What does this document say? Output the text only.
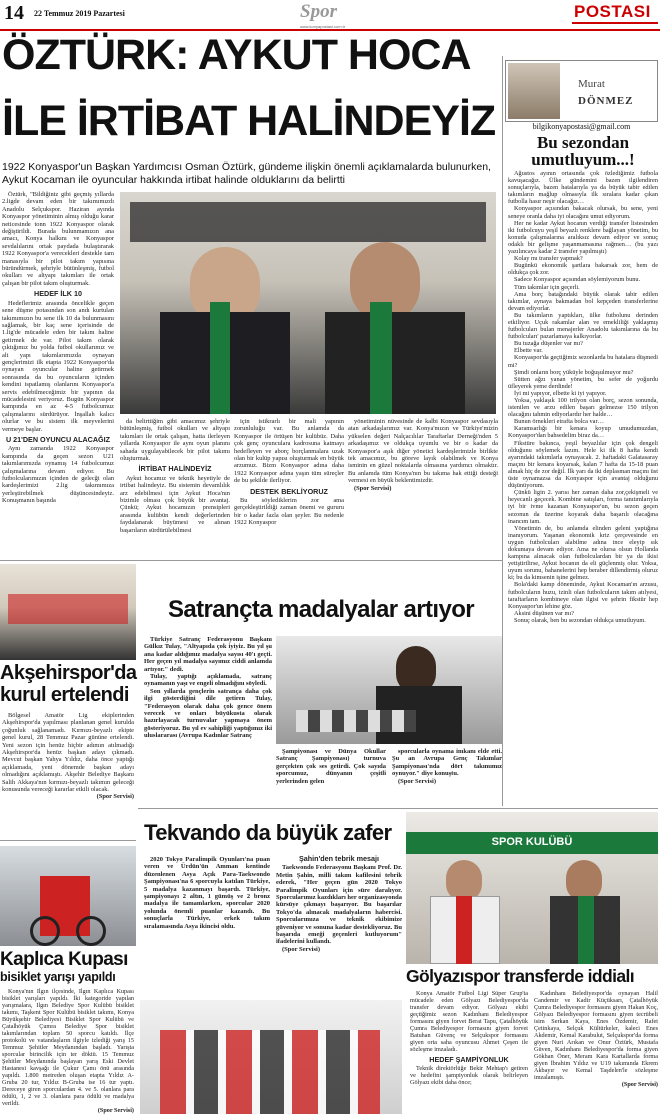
14 22 Temmuz 2019 Pazartesi	Spor
www.konyapostasi.com.tr
POSTASI
ÖZTÜRK: AYKUT HOCA
İLE İRTİBAT HALİNDEYİZ
1922 Konyaspor'un Başkan Yardımcısı Osman Öztürk, gündeme ilişkin önemli açıklamalarda bulunurken, Aykut Kocaman ile oyuncular hakkında irtibat halinde olduklarını da belirtti

Öztürk, "Bildiğiniz gibi geçmiş yıllarda 2.ligde devam eden bir takımımızdı Anadolu Selçukspor. Haziran ayında Konyaspor yönetiminin almış olduğu karar neticesinde tonn 1922 Konyaspor olarak değiştirildi. Burada bulunmamızın ana amacı, Konya halkını ve Konyaspor sevdalılarını ortak paydada bulaştırarak 1922 Konyaspor'a verecekleri destekle tam manasıyla bir pilot takım yapısına büründürmek, şehriyle bütünleşmiş, futbol okulları ve altyapı takımları ile ortak çalışan bir pilot takım oluşturmak.

HEDEF İLK 10

Hedeflerimiz arasında öncelikle geçen sene düşme potasından son andı kurtulan takımımızın bu sene ilk 10 da bulunmasını sağlamak, bir kaç sene içerisinde de 1.lig'de mücadele eden bir takım haline getirmek de var. Pilot takım olarak çıktığımız bu yolda futbol okullarımız ve alt yapı takımlarımızda oynayan gençlerimizi ilk etapta 1922 Konyaspor'da oynayan oyuncular haline getirmek sonrasında da bu oyuncuların içinden kendini ispatlamış olanlarını Konyaspor'a servis edebilmeceğimiz bir yapının da mücadelesini veriyoruz. Bugün Konyaspor kampında en az 4-5 futbolcumuz çalışmalarını sürdürüyor. İnşallah kalıcı olurlar ve bu sistem ilk meyvelerini vermeye başlar.

U 21'DEN OYUNCU ALACAĞIZ

Aynı zamanda 1922 Konyaspor kampında da geçen sezon U21 takımlarımızda oynamış 14 futbolcumuz çalışmalarına devam ediyor. Bu futbolcularımızın içinden de gelecği olan kardeşlerimizi 2.lig takımımıza yerleştirebilmek düşüncesindeyiz. Konuşmanın başında

da belirttiğim gibi amacımız şehriyle bütünleşmiş, futbol okulları ve altyapı takımları ile ortak çalışan, hatta ilerleyen yıllarda Konyaspor ile aynı oyun planını sahada uygulayabilecek bir pilot takımı oluşturmak.

İRTİBAT HALİNDEYİZ

Aykut hocamız ve teknik heyetiyle de irtibat halindeyiz. Bu sistemin devamlılık arz edebilmesi için Aykut Hoca'nın bizimle olması çok büyük bir avantaj. Çünkü; Aykut hocamızın prensipleri arasında kulübün kendi değerlerinden faydalanarak büyümesi ve alınan başarıların sürdürülebilmesi

için istikrarlı bir mali yapının zorunluluğu var. Bu anlamda da Konyaspor ile örtüşen bir kulübüz. Daha çok genç oyunculara kadrosuna katmayı hedefleyen ve aborç borçlanmalara uzak olan bir kulüp yapısı oluşturmak en büyük arzumuz. Bizm Konyaspor adına daha 1922 Konyaspor adına yaşın tüm süreçler de bu şekilde ilerliyor.

DESTEK BEKLİYORUZ

Bu söylediklerim zor ama gerçekleştirildiği zaman önemi ve gururu bir o kadar fazla olan şeyler. Bu nedenle 1922 Konyaspor

yönetiminin nüvesinde de kalbi Konyaspor sevdasıyla atan arkadaşlarımız var. Konya'mızın ve Türkiye'mizin yükselen değeri Nalçacılılar Taraftarlar Derneği'nden 5 arkadaşımız ve oldukça uyumlu ve bir o kadar da Konyaspor'a aşık diğer yönetici kardeşlerimizle birlikte tek amacımız, bu göreve layık olabilmek ve Konya isminin en güzel noktalarda olmasına yardımcı olmaktır. Bu anlamda tüm Konya'nın bu takıma hak ettiği desteği vermesi en büyük beklentimizdir.

(Spor Servisi)

Murat
DÖNMEZ
bilgikonyapostasi@gmail.com
Bu sezondan
umutluyum...!

Ağustos ayının ortasında çok özlediğimiz futbola kavuşacağız. Ülke gündemini bazen ilgilendiren sonuçlarıyla, bazen hatalarıyla ya da büyük tabir edilen takımların mağlup olmasıyla ilk sıralara kadar çıkan futbolla hasır neşir olacağız…

Konyaspor açısından bakacak olursak, bu sene, yeni seneye oranla daha iyi olacağını umut ediyorum.

Her ne kadar Aykut hocanın verdiği transfer listesinden iki futbolcuyu yeşil beyazlı renklere bağlayan yönetim, bu konuda çalışmalarına aralıksız devam ediyor ve sonuç odaklı bir gelişme yaşanmamasına rağmen… (bu yazı yazılıncaya kadar 2 transfer yapılmıştı)

Kolay mı transfer yapmak?

Bugünkü ekonomik şartlara bakarsak zor, hem de oldukça çok zor.

Sadece Konyaspor açısından söylemiyorum bunu.

Tüm takımlar için geçerli.

Ama borç batağındaki büyük olarak tabir edilen takımlar, aynaya bakmadan bol kepçeden transferlerine devam ediyorlar.

Bu takımların yaptıkları, ülke futbolunu derinden etkiliyor. Uçuk rakamlar alan ve emekliliği yaklaşmış futbolcuları bulan menajerler Anadolu takımlarına da bu futbolcuları' pazarlamaya kalkıyorlar.

Bu tuzağa düşenler var mı?

Elbette var.

Konyaspor'da geçtiğimiz sezonlarda bu hatalara düşmedi mi?

Şimdi onların borç yüküyle boğuşulmuyor mu?

Sütten ağzı yanan yönetim, bu sefer de yoğurdu üfleyerek yeme derdinde!

İyi mi yapıyor, elbette ki iyi yapıyor.

Yoksa, yaklaşık 100 trilyon olan borç, sezon sonunda, istenilen ve arzu edilen başarı gelmezse 150 trilyon olacağını tahmin ediyorlardır her halde…

Bunun örnekleri etrafta bolca var…

Karamsarlığı bir kenara koyup umudumuzdan, Konyaspor'dan bahsedelim biraz da…

Fikstüre bakınca, yeşil beyazlılar için çok dengeli olduğunu söylemek lazım. Hele ki ilk 8 hafta kendi ayarındaki takımlarla oynayacak. 2. haftadaki Galatasaray maçını bir kenara koyarsak, kalan 7 hafta da 15-18 puan almak hiç de zor değil. İlk yarı da iki deplasman maçını üst üste oynamazsa da Konyaspor için avantaj olduğunu düşünüyorum.

Çünkü ligin 2. yarısı her zaman daha zor,çekişmeli ve heyecanlı geçecek. Kombine satışları, forma tanıtımlarıyla iyi bir ivme kazanan Konyaspor'un, bu sezon geçen sezonun da üzerine koyarak daha başarılı olacağına inancım tam.

Yönetimin de, bu anlamda elinden geleni yaptığına inanıyorum. Yaşanan ekonomik kriz çerçevesinde en uygun futbolcuları alabilme adına ince eleyip sık dokumaya devam ediyor. Ama ne olursa olsun Hollanda kampına alınacak olan futbolculardan bir ya da ikisi yetiştirilirse, Aykut hocanın da eli güçlenmiş olur. Yoksa, uyum sorunu, bahanelerini hep beraber dillendirmiş oluruz ki; bu da kimsenin işine gelmez.

Bola'daki kamp döneminde, Aykut Kocaman'ın arzusu, futbolcuların huzu, izinli olan futbolcuların takım atılyesi, taraftarların kombineye olan ilgisi ve şehrin fikstür hep Konyaspor'un lehine göz.

Aksini düşünen var mı?

Sonuç olarak, ben bu sezondan oldukça umutluyum.

Akşehirspor'da
kurul ertelendi

Bölgesel Amatör Lig ekiplerinden Akşehirspor'da yapılması planlanan genel kurulda çoğunluk sağlanamadı. Kırmızı-beyazlı ekipte genel kurul, 28 Temmuz Pazar gününe ertelendi. Yeni sezon için henüz hiçbir adımın atılmadığı Akşehirspor'da henüz başkan adayı çıkmadı. Mevcut başkan Yahya Yıldız, daha önce yaptığı açıklamada, yeni dönemde başkan adayı olmadığını açıklamıştı. Akşehir Belediye Başkanı Salih Akkaya'nın kırmızı-beyazlı takımın geleceği konusunda vereceği kararlar etkili olacak.

(Spor Servisi)

Satrançta madalyalar artıyor

Türkiye Satranç Federasyonu Başkanı Gülkız Tulay, "Altyapıda çok iyiyiz. Bu yıl şu ana kadar aldığımız madalya sayısı 40'ı geçti. Her geçen yıl madalya sayımız ciddi anlamda artıyor." dedi.

Tulay, yaptığı açıklamada, satranç oynamanın yaşı ve engeli olmadığını söyledi.

Son yıllarda gençlerin satrança daha çok ilgi gösterdiğini dile getiren Tulay, "Federasyon olarak daha çok gence önem verecek ve onları büyükusta olarak hazırlayacak turnuvalar yapmaya önem gösteriyoruz. Bu yıl ev sahipliği yaptığımız iki uluslararası (Avrupa Kadınlar Satranç

Şampiyonası ve Dünya Okullar Satranç Şampiyonası) turnuva gerçekten çok ses getirdi. Çok sayıda sporcumuz, dünyanın çeşitli yerlerinden gelen

sporcularla oynama imkanı elde etti. Şu an Avrupa Genç Takımlar Şampiyonası'nda dört takımımız oynuyor." diye konuştu.

(Spor Servisi)

Tekvando da büyük zafer

2020 Tokyo Paralimpik Oyunları'na puan veren ve Ürdün'ün Amman kentinde düzenlenen Asya Açık Para-Taekwondo Şampiyonası'na 6 sporcuyla katılan Türkiye, 5 madalya kazanmayı başardı. Türkiye, şampiyonayı 2 altın, 1 gümüş ve 2 bronz madalya ile tamamlarken, sporcular 2020 yolunda önemli puanlar kazandı. Bu sonuçlarla Türkiye, erkek takım sıralamasında Asya ikincisi oldu.

Şahin'den tebrik mesajı

Taekwondo Federasyonu Başkanı Prof. Dr. Metin Şahin, milli takım kafilesini tebrik ederek, "Her geçen gün 2020 Tokyo Paralimpik Oyunları için süre daralıyor. Sporcularımız kazdıkları her organizasyonda kürsüye çıkmayı başarıyor. Bu başarılar Tokyo'da alınacak madalyaların habercisi. Sporcularımıza ve teknik ekibimize güveniyor ve sonuna kadar destekliyoruz. Bu başarıda emeği geçenleri kutluyorum" ifadelerini kullandı.

(Spor Servisi)

Kaplıca Kupası
bisiklet yarışı yapıldı

Konya'nın Ilgın ilçesinde, Ilgın Kaplıca Kupası bisiklet yarışları yapıldı. İki kategoride yapılan yarışmalara, Ilgın Belediye Spor Kulübü bisiklet takımı, Taşkent Spor Kulübü bisiklet takımı, Konya Büyükşehir Belediyesi Bisiklet Spor Kulübü ve Çatalhöyük Çumra Belediye Spor bisiklet takımlarından toplam 50 sporcu katıldı. İlçe protokolü ve vatandaşların ilgiyle izlediği yarış 15 Temmuz Şehitler Meydanından başladı. Yarışta sporcular birincilik için ter döktü. 15 Temmuz Şehitler Meydanında başlayan yarış Eski Devlet Hastanesi kavşağı ile Çukur Çamı önü arasında yapıldı. 1.800 metreden oluşan etapta Yıldız A-Gruba 20 tur, Yıldız B-Gruba ise 16 tur yaptı. Dereceye giren sporculardan 4. ve 5. olanlara para ödülü, 1, 2 ve 3. olanlara para ödülü ve madalya verildi.

(Spor Servisi)

SPOR KULÜBÜ
Gölyazıspor transferde iddialı

Konya Amatör Futbol Ligi Süper Grup'ta mücadele eden Gölyazı Belediyespor'da transfer devam ediyor. Gölyazı ekibi geçtiğimiz sezon Kadınhanı Belediyespor formasını giyen forvet Berat Tapu, Çatalhöyük Çumra Belediyespor formasını giyen forvet Batuhan Güvenç ve Selçukspor formasını giyen orta saha oyuncusu Ahmet Çeşen ile sözleşme imzaladı.

HEDEF ŞAMPİYONLUK

Teknik direktörlüğe Bekir Mehtap'ı getiren ve hedefini şampiyonluk olarak belirleyen Gölyazı ekibi daha önce;

Kadınhanı Belediyespor'da oynayan Halil Candemir ve Kadir Küçüksarı, Çatalhöyük Çumra Belediyespor formasını giyen Hakan Koç, Gölyazı Belediyespor formasını giyen tecrübeli isim Serkan Kaya, Enes Özdemir, Rafet Çetinkaya, Selçuk Kültürkeler, kaleci Enes Akdemir, Kemal Karabulut, Selçukspor'da forma giyen Nuri Arıkan ve Onur Öztürk, Mustafa Güven, Kadınhanı Belediyespor'da forma giyen Gökhan Öner, Meram Kara Kartallarda forma giyen İbrahim Yıldız ve U19 takımında Ekrem Akbayır ve Kemal Taşdelen'le sözleşme imzalamıştı.

(Spor Servisi)
